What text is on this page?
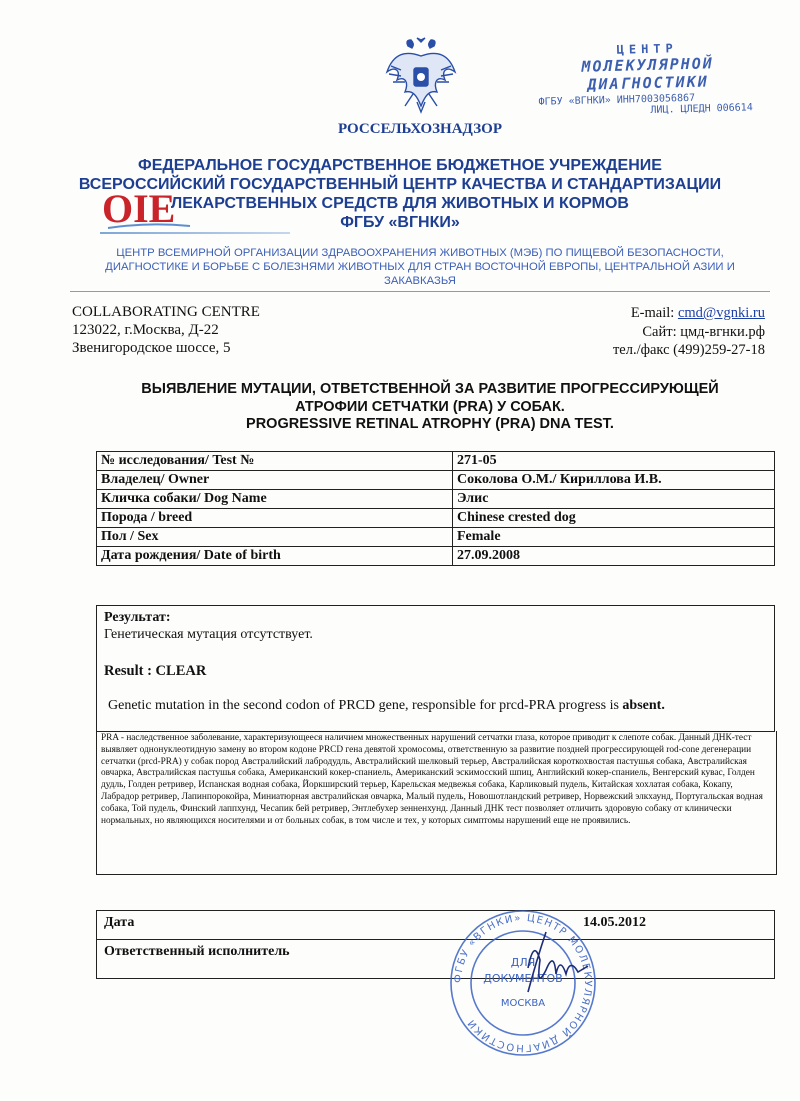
РОССЕЛЬХОЗНАДЗОР
ЦЕНТР
МОЛЕКУЛЯРНОЙ
ДИАГНОСТИКИ
ФГБУ «ВГНКИ» ИНН7003056867
ЛИЦ. ЦЛЕДН 006614
OIE
ФЕДЕРАЛЬНОЕ ГОСУДАРСТВЕННОЕ БЮДЖЕТНОЕ УЧРЕЖДЕНИЕ
ВСЕРОССИЙСКИЙ ГОСУДАРСТВЕННЫЙ ЦЕНТР КАЧЕСТВА И СТАНДАРТИЗАЦИИ
ЛЕКАРСТВЕННЫХ СРЕДСТВ ДЛЯ ЖИВОТНЫХ И КОРМОВ
ФГБУ «ВГНКИ»
ЦЕНТР ВСЕМИРНОЙ ОРГАНИЗАЦИИ ЗДРАВООХРАНЕНИЯ ЖИВОТНЫХ (МЭБ) ПО ПИЩЕВОЙ БЕЗОПАСНОСТИ,
ДИАГНОСТИКЕ И БОРЬБЕ С БОЛЕЗНЯМИ ЖИВОТНЫХ ДЛЯ СТРАН ВОСТОЧНОЙ ЕВРОПЫ, ЦЕНТРАЛЬНОЙ АЗИИ И
ЗАКАВКАЗЬЯ
COLLABORATING CENTRE
123022, г.Москва, Д-22
Звенигородское шоссе, 5
E-mail: cmd@vgnki.ru
Сайт: цмд-вгнки.рф
тел./факс (499)259-27-18
ВЫЯВЛЕНИЕ МУТАЦИИ, ОТВЕТСТВЕННОЙ ЗА РАЗВИТИЕ ПРОГРЕССИРУЮЩЕЙ
АТРОФИИ СЕТЧАТКИ (PRA) У СОБАК.
PROGRESSIVE RETINAL ATROPHY (PRA) DNA TEST.
№ исследования/ Test №	271-05
Владелец/ Owner	Соколова О.М./ Кириллова И.В.
Кличка собаки/ Dog Name	Элис
Порода / breed	Chinese crested dog
Пол / Sex	Female
Дата рождения/ Date of birth	27.09.2008
Результат:
Генетическая мутация отсутствует.
Result : CLEAR
Genetic mutation in the second codon of PRCD gene, responsible for prcd-PRA progress is absent.
PRA - наследственное заболевание, характеризующееся наличием множественных нарушений сетчатки глаза, которое приводит к слепоте собак. Данный ДНК-тест выявляет однонуклеотидную замену во втором кодоне PRCD гена девятой хромосомы, ответственную за развитие поздней прогрессирующей rod-cone дегенерации сетчатки (prcd-PRA) у собак пород Австралийский лабродудль, Австралийский шелковый терьер, Австралийская короткохвостая пастушья собака, Австралийская овчарка, Австралийская пастушья собака, Американский кокер-спаниель, Американский эскимосский шпиц, Английский кокер-спаниель, Венгерский кувас, Голден дудль, Голден ретривер, Испанская водная собака, Йоркширский терьер, Карельская медвежья собака, Карликовый пудель, Китайская хохлатая собака, Кокапу, Лабрадор ретривер, Лапинпорокойра, Миниатюрная австралийская овчарка, Малый пудель, Новошотландский ретривер, Норвежский элкхаунд, Португальская водная собака, Той пудель, Финский лаппхунд, Чесапик бей ретривер, Энтлебухер зенненхунд. Данный ДНК тест позволяет отличить здоровую собаку от клинически нормальных, но являющихся носителями и от больных собак, в том числе и тех, у которых симптомы нарушений еще не проявились.
Дата	14.05.2012
Ответственный исполнитель
ФГБУ «ВГНКИ» ЦЕНТР МОЛЕКУЛЯРНОЙ ДИАГНОСТИКИ
ДЛЯ
ДОКУМЕНТОВ
МОСКВА
